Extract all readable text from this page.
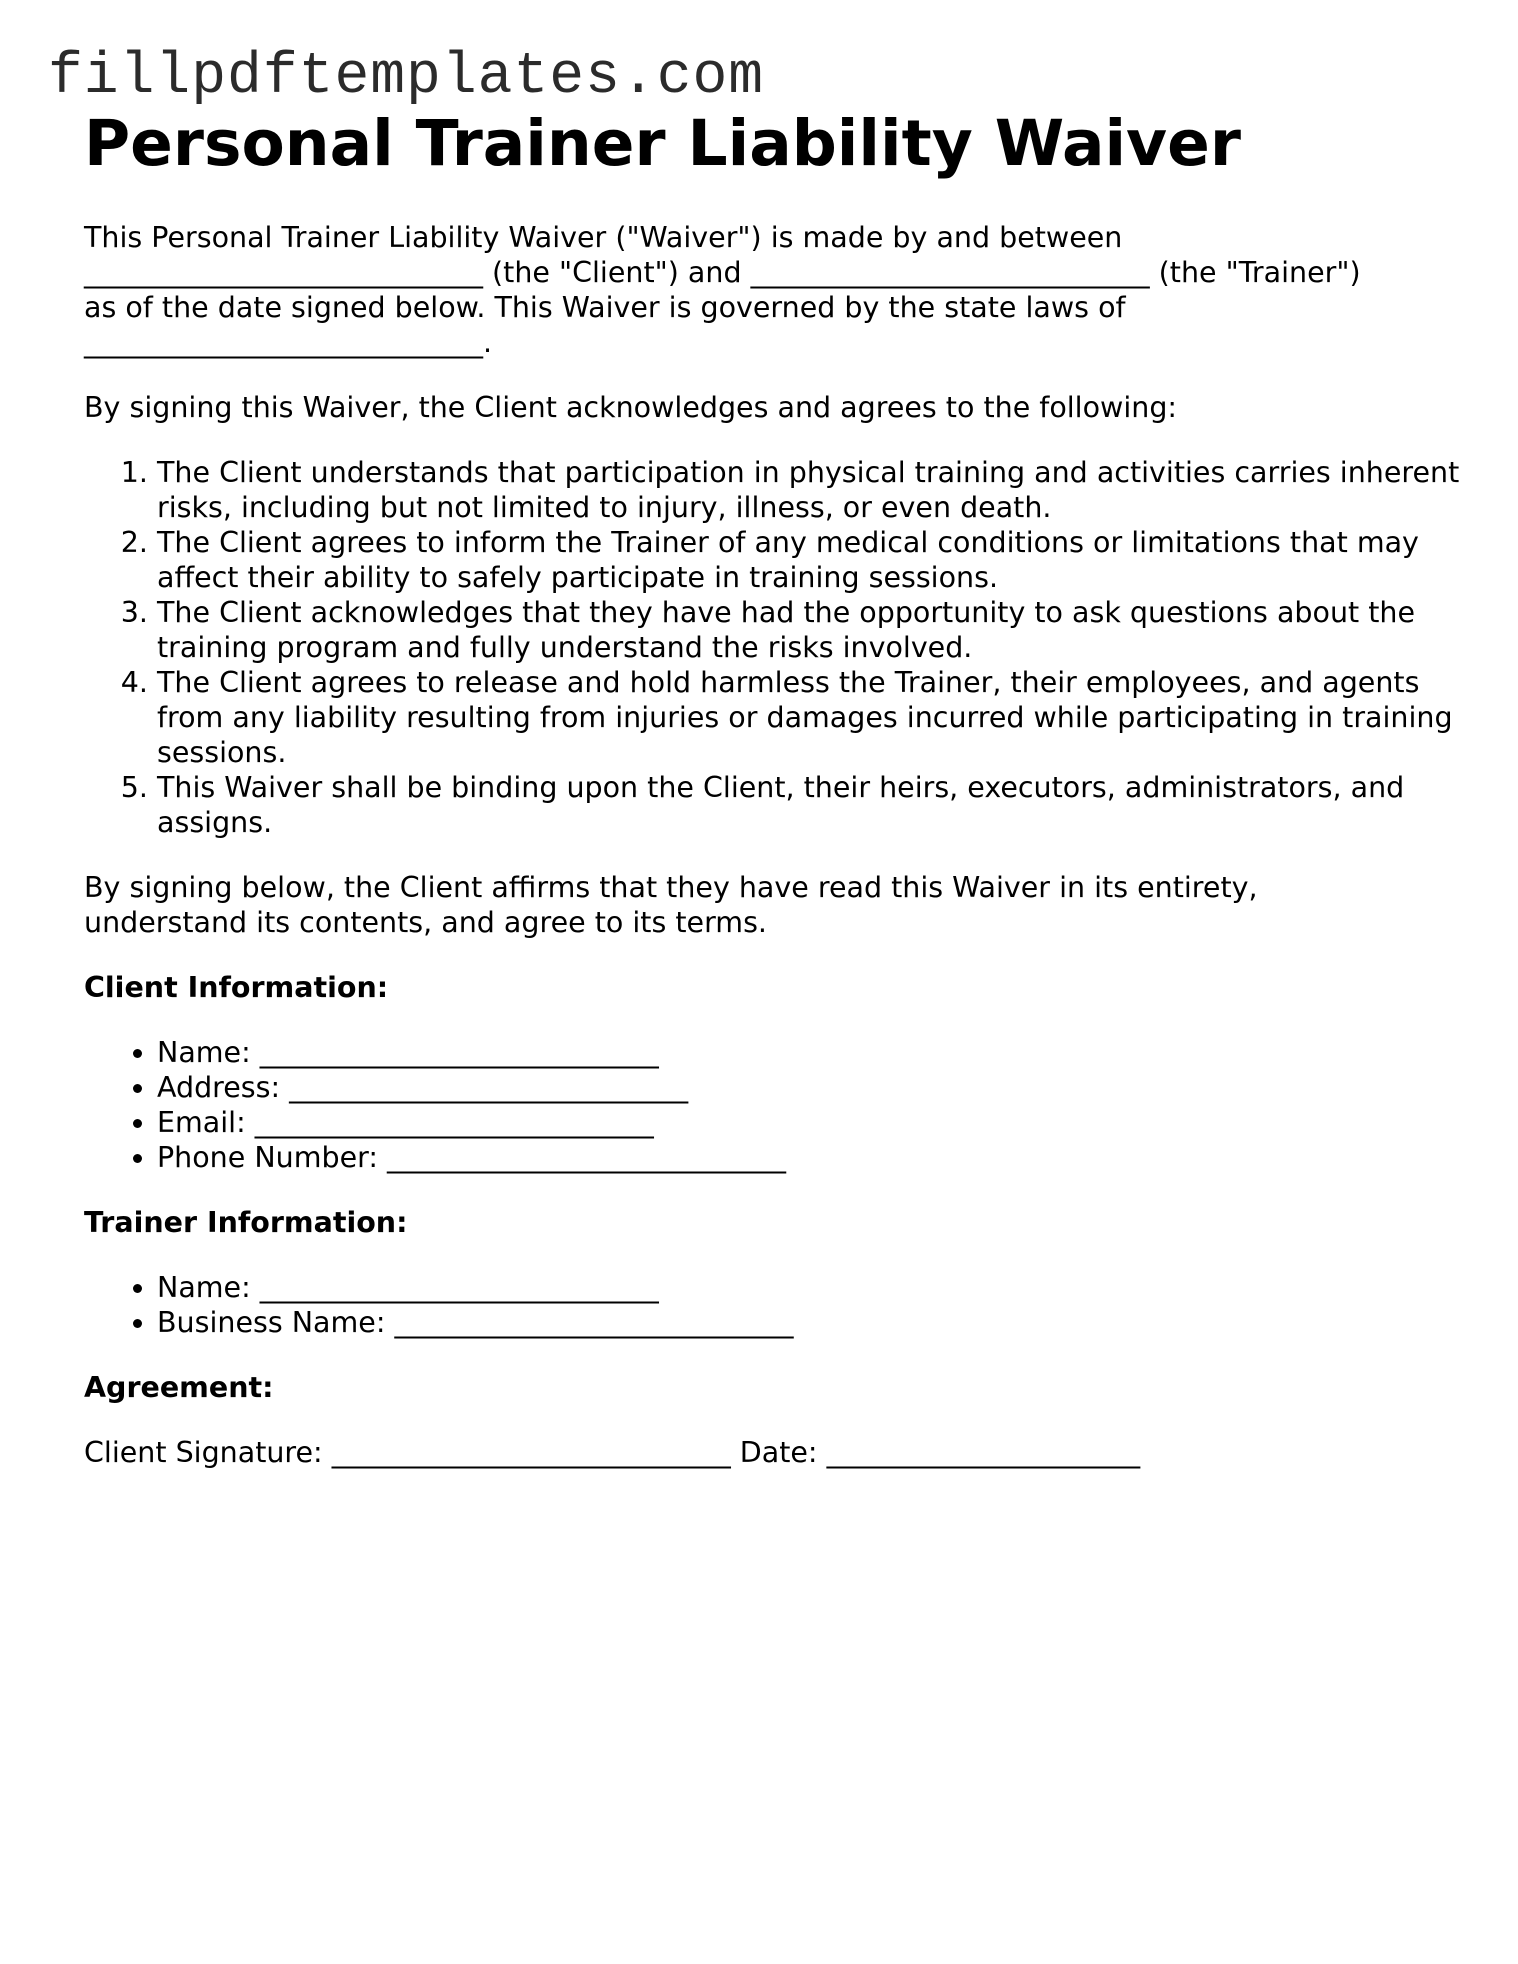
fillpdftemplates.com

Personal Trainer Liability Waiver

This Personal Trainer Liability Waiver ("Waiver") is made by and between ____________________________ (the "Client") and ____________________________ (the "Trainer") as of the date signed below. This Waiver is governed by the state laws of ____________________________.

By signing this Waiver, the Client acknowledges and agrees to the following:

1. The Client understands that participation in physical training and activities carries inherent risks, including but not limited to injury, illness, or even death.
2. The Client agrees to inform the Trainer of any medical conditions or limitations that may affect their ability to safely participate in training sessions.
3. The Client acknowledges that they have had the opportunity to ask questions about the training program and fully understand the risks involved.
4. The Client agrees to release and hold harmless the Trainer, their employees, and agents from any liability resulting from injuries or damages incurred while participating in training sessions.
5. This Waiver shall be binding upon the Client, their heirs, executors, administrators, and assigns.

By signing below, the Client affirms that they have read this Waiver in its entirety, understand its contents, and agree to its terms.

Client Information:
• Name: ____________________________
• Address: ____________________________
• Email: ____________________________
• Phone Number: ____________________________
Trainer Information:
• Name: ____________________________
• Business Name: ____________________________
Agreement:

Client Signature: ____________________________ Date: ______________________
